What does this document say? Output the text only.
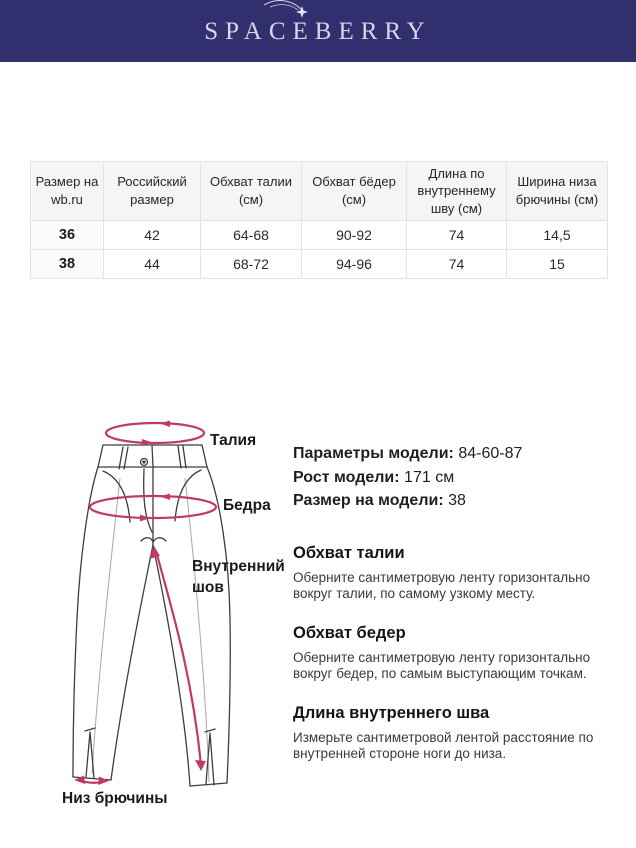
SPACEBERRY
Размер на wb.ru	Российский размер	Обхват талии (см)	Обхват бёдер (см)	Длина по внутреннему шву (см)	Ширина низа брючины (см)
36	42	64-68	90-92	74	14,5
38	44	68-72	94-96	74	15
Талия
Бедра
Внутренний шов
Низ брючины
Параметры модели: 84-60-87
Рост модели: 171 см
Размер на модели: 38

Обхват талии

Оберните сантиметровую ленту горизонтально вокруг талии, по самому узкому месту.

Обхват бедер

Оберните сантиметровую ленту горизонтально вокруг бедер, по самым выступающим точкам.

Длина внутреннего шва

Измерьте сантиметровой лентой расстояние по внутренней стороне ноги до низа.
